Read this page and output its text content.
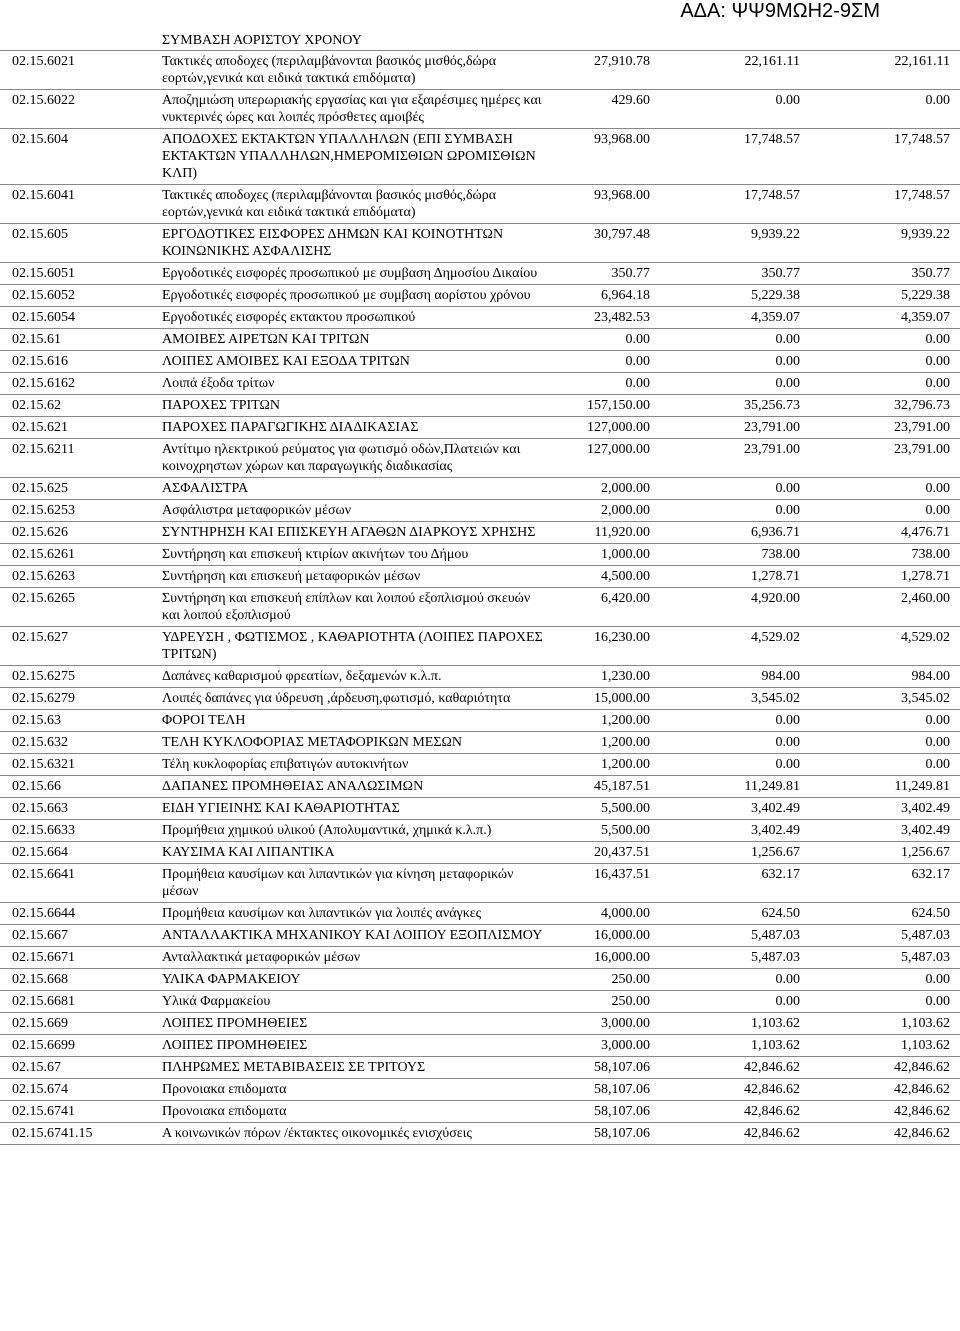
ΑΔΑ: ΨΨ9ΜΩΗ2-9ΣΜ
ΣΥΜΒΑΣΗ ΑΟΡΙΣΤΟΥ ΧΡΟΝΟΥ
02.15.6021	Τακτικές αποδοχες (περιλαμβάνονται βασικός μισθός,δώρα εορτών,γενικά και ειδικά τακτικά επιδόματα)	27,910.78	22,161.11	22,161.11
02.15.6022	Αποζημιώση υπερωριακής εργασίας και για εξαιρέσιμες ημέρες και νυκτερινές ώρες και λοιπές πρόσθετες αμοιβές	429.60	0.00	0.00
02.15.604	ΑΠΟΔΟΧΕΣ ΕΚΤΑΚΤΩΝ ΥΠΑΛΛΗΛΩΝ (ΕΠΙ ΣΥΜΒΑΣΗ ΕΚΤΑΚΤΩΝ ΥΠΑΛΛΗΛΩΝ,ΗΜΕΡΟΜΙΣΘΙΩΝ ΩΡΟΜΙΣΘΙΩΝ ΚΛΠ)	93,968.00	17,748.57	17,748.57
02.15.6041	Τακτικές αποδοχες (περιλαμβάνονται βασικός μισθός,δώρα εορτών,γενικά και ειδικά τακτικά επιδόματα)	93,968.00	17,748.57	17,748.57
02.15.605	ΕΡΓΟΔΟΤΙΚΕΣ ΕΙΣΦΟΡΕΣ ΔΗΜΩΝ ΚΑΙ ΚΟΙΝΟΤΗΤΩΝ ΚΟΙΝΩΝΙΚΗΣ ΑΣΦΑΛΙΣΗΣ	30,797.48	9,939.22	9,939.22
02.15.6051	Εργοδοτικές εισφορές προσωπικού με συμβαση Δημοσίου Δικαίου	350.77	350.77	350.77
02.15.6052	Εργοδοτικές εισφορές προσωπικού με συμβαση αορίστου χρόνου	6,964.18	5,229.38	5,229.38
02.15.6054	Εργοδοτικές εισφορές εκτακτου προσωπικού	23,482.53	4,359.07	4,359.07
02.15.61	ΑΜΟΙΒΕΣ ΑΙΡΕΤΩΝ ΚΑΙ ΤΡΙΤΩΝ	0.00	0.00	0.00
02.15.616	ΛΟΙΠΕΣ ΑΜΟΙΒΕΣ ΚΑΙ ΕΞΟΔΑ ΤΡΙΤΩΝ	0.00	0.00	0.00
02.15.6162	Λοιπά έξοδα τρίτων	0.00	0.00	0.00
02.15.62	ΠΑΡΟΧΕΣ ΤΡΙΤΩΝ	157,150.00	35,256.73	32,796.73
02.15.621	ΠΑΡΟΧΕΣ ΠΑΡΑΓΩΓΙΚΗΣ ΔΙΑΔΙΚΑΣΙΑΣ	127,000.00	23,791.00	23,791.00
02.15.6211	Αντίτιμο ηλεκτρικού ρεύματος για φωτισμό οδών,Πλατειών και κοινοχρηστων χώρων και παραγωγικής διαδικασίας	127,000.00	23,791.00	23,791.00
02.15.625	ΑΣΦΑΛΙΣΤΡΑ	2,000.00	0.00	0.00
02.15.6253	Ασφάλιστρα μεταφορικών μέσων	2,000.00	0.00	0.00
02.15.626	ΣΥΝΤΗΡΗΣΗ ΚΑΙ ΕΠΙΣΚΕΥΗ ΑΓΑΘΩΝ ΔΙΑΡΚΟΥΣ ΧΡΗΣΗΣ	11,920.00	6,936.71	4,476.71
02.15.6261	Συντήρηση και επισκευή κτιρίων ακινήτων του Δήμου	1,000.00	738.00	738.00
02.15.6263	Συντήρηση και επισκευή μεταφορικών μέσων	4,500.00	1,278.71	1,278.71
02.15.6265	Συντήρηση και επισκευή επίπλων και λοιπού εξοπλισμού σκευών και λοιπού εξοπλισμού	6,420.00	4,920.00	2,460.00
02.15.627	ΥΔΡΕΥΣΗ , ΦΩΤΙΣΜΟΣ , ΚΑΘΑΡΙΟΤΗΤΑ (ΛΟΙΠΕΣ ΠΑΡΟΧΕΣ ΤΡΙΤΩΝ)	16,230.00	4,529.02	4,529.02
02.15.6275	Δαπάνες καθαρισμού φρεατίων, δεξαμενών κ.λ.π.	1,230.00	984.00	984.00
02.15.6279	Λοιπές δαπάνες για ύδρευση ,άρδευση,φωτισμό, καθαριότητα	15,000.00	3,545.02	3,545.02
02.15.63	ΦΟΡΟΙ ΤΕΛΗ	1,200.00	0.00	0.00
02.15.632	ΤΕΛΗ ΚΥΚΛΟΦΟΡΙΑΣ ΜΕΤΑΦΟΡΙΚΩΝ ΜΕΣΩΝ	1,200.00	0.00	0.00
02.15.6321	Τέλη κυκλοφορίας επιβατιγών αυτοκινήτων	1,200.00	0.00	0.00
02.15.66	ΔΑΠΑΝΕΣ ΠΡΟΜΗΘΕΙΑΣ ΑΝΑΛΩΣΙΜΩΝ	45,187.51	11,249.81	11,249.81
02.15.663	ΕΙΔΗ ΥΓΙΕΙΝΗΣ ΚΑΙ ΚΑΘΑΡΙΟΤΗΤΑΣ	5,500.00	3,402.49	3,402.49
02.15.6633	Προμήθεια χημικού υλικού (Απολυμαντικά, χημικά κ.λ.π.)	5,500.00	3,402.49	3,402.49
02.15.664	ΚΑΥΣΙΜΑ ΚΑΙ ΛΙΠΑΝΤΙΚΑ	20,437.51	1,256.67	1,256.67
02.15.6641	Προμήθεια καυσίμων και λιπαντικών για κίνηση μεταφορικών μέσων	16,437.51	632.17	632.17
02.15.6644	Προμήθεια καυσίμων και λιπαντικών για λοιπές ανάγκες	4,000.00	624.50	624.50
02.15.667	ΑΝΤΑΛΛΑΚΤΙΚΑ ΜΗΧΑΝΙΚΟΥ ΚΑΙ ΛΟΙΠΟΥ ΕΞΟΠΛΙΣΜΟΥ	16,000.00	5,487.03	5,487.03
02.15.6671	Ανταλλακτικά μεταφορικών μέσων	16,000.00	5,487.03	5,487.03
02.15.668	ΥΛΙΚΑ ΦΑΡΜΑΚΕΙΟΥ	250.00	0.00	0.00
02.15.6681	Υλικά Φαρμακείου	250.00	0.00	0.00
02.15.669	ΛΟΙΠΕΣ ΠΡΟΜΗΘΕΙΕΣ	3,000.00	1,103.62	1,103.62
02.15.6699	ΛΟΙΠΕΣ ΠΡΟΜΗΘΕΙΕΣ	3,000.00	1,103.62	1,103.62
02.15.67	ΠΛΗΡΩΜΕΣ ΜΕΤΑΒΙΒΑΣΕΙΣ ΣΕ ΤΡΙΤΟΥΣ	58,107.06	42,846.62	42,846.62
02.15.674	Προνοιακα επιδοματα	58,107.06	42,846.62	42,846.62
02.15.6741	Προνοιακα επιδοματα	58,107.06	42,846.62	42,846.62
02.15.6741.15	Α κοινωνικών πόρων /έκτακτες οικονομικές ενισχύσεις	58,107.06	42,846.62	42,846.62
